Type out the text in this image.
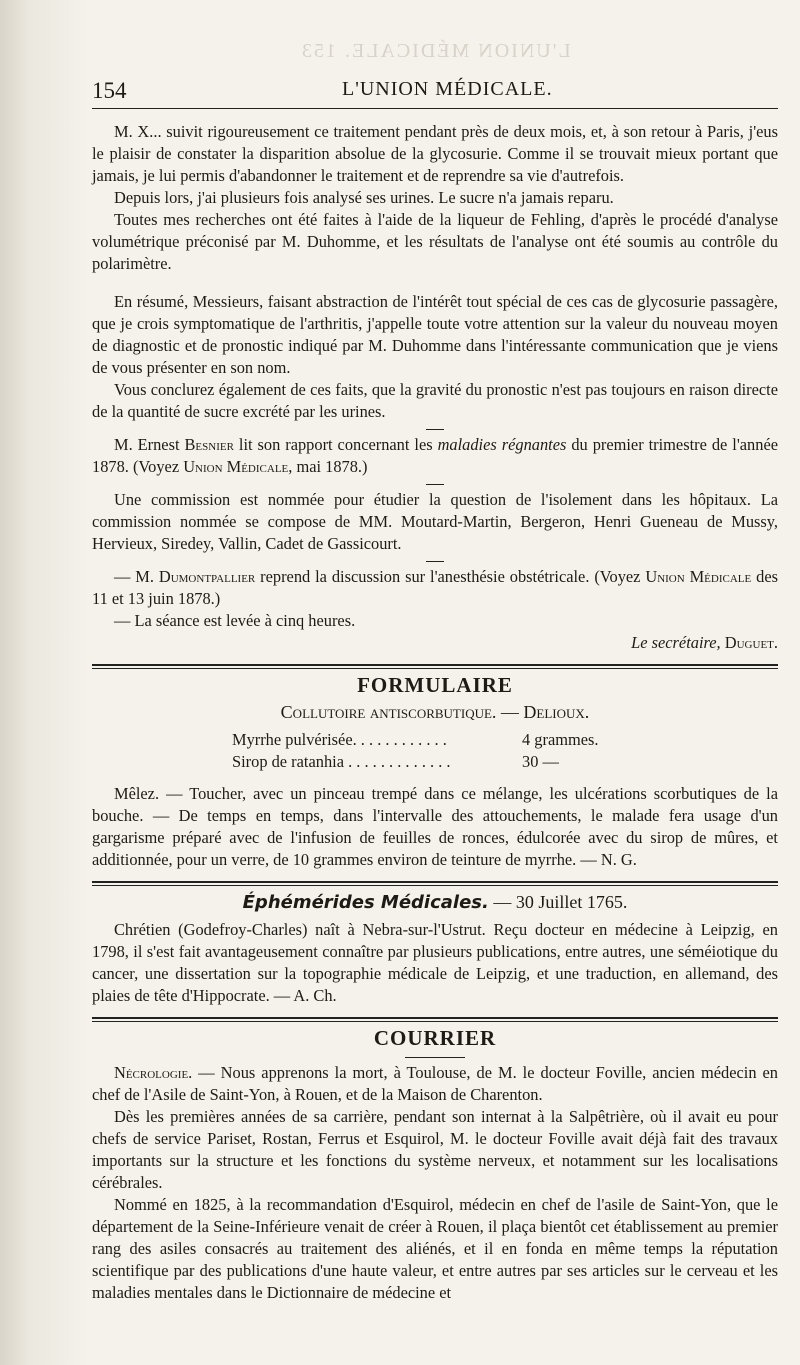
L'UNION MÉDICALE. 153
154	L'UNION MÉDICALE.

M. X... suivit rigoureusement ce traitement pendant près de deux mois, et, à son retour à Paris, j'eus le plaisir de constater la disparition absolue de la glycosurie. Comme il se trouvait mieux portant que jamais, je lui permis d'abandonner le traitement et de reprendre sa vie d'autrefois.

Depuis lors, j'ai plusieurs fois analysé ses urines. Le sucre n'a jamais reparu.

Toutes mes recherches ont été faites à l'aide de la liqueur de Fehling, d'après le procédé d'analyse volumétrique préconisé par M. Duhomme, et les résultats de l'analyse ont été soumis au contrôle du polarimètre.

En résumé, Messieurs, faisant abstraction de l'intérêt tout spécial de ces cas de glycosurie passagère, que je crois symptomatique de l'arthritis, j'appelle toute votre attention sur la valeur du nouveau moyen de diagnostic et de pronostic indiqué par M. Duhomme dans l'intéressante communication que je viens de vous présenter en son nom.

Vous conclurez également de ces faits, que la gravité du pronostic n'est pas toujours en raison directe de la quantité de sucre excrété par les urines.

M. Ernest Besnier lit son rapport concernant les maladies régnantes du premier trimestre de l'année 1878. (Voyez Union Médicale, mai 1878.)

Une commission est nommée pour étudier la question de l'isolement dans les hôpitaux. La commission nommée se compose de MM. Moutard-Martin, Bergeron, Henri Gueneau de Mussy, Hervieux, Siredey, Vallin, Cadet de Gassicourt.

— M. Dumontpallier reprend la discussion sur l'anesthésie obstétricale. (Voyez Union Médicale des 11 et 13 juin 1878.)

— La séance est levée à cinq heures.

Le secrétaire, Duguet.

FORMULAIRE
Collutoire antiscorbutique. — Delioux.
Myrrhe pulvérisée. . . . . . . . . . . .	4 grammes.
Sirop de ratanhia . . . . . . . . . . . . .	30 —

Mêlez. — Toucher, avec un pinceau trempé dans ce mélange, les ulcérations scorbutiques de la bouche. — De temps en temps, dans l'intervalle des attouchements, le malade fera usage d'un gargarisme préparé avec de l'infusion de feuilles de ronces, édulcorée avec du sirop de mûres, et additionnée, pour un verre, de 10 grammes environ de teinture de myrrhe. — N. G.

Éphémérides Médicales. — 30 Juillet 1765.

Chrétien (Godefroy-Charles) naît à Nebra-sur-l'Ustrut. Reçu docteur en médecine à Leipzig, en 1798, il s'est fait avantageusement connaître par plusieurs publications, entre autres, une séméiotique du cancer, une dissertation sur la topographie médicale de Leipzig, et une traduction, en allemand, des plaies de tête d'Hippocrate. — A. Ch.

COURRIER

Nécrologie. — Nous apprenons la mort, à Toulouse, de M. le docteur Foville, ancien médecin en chef de l'Asile de Saint-Yon, à Rouen, et de la Maison de Charenton.

Dès les premières années de sa carrière, pendant son internat à la Salpêtrière, où il avait eu pour chefs de service Pariset, Rostan, Ferrus et Esquirol, M. le docteur Foville avait déjà fait des travaux importants sur la structure et les fonctions du système nerveux, et notamment sur les localisations cérébrales.

Nommé en 1825, à la recommandation d'Esquirol, médecin en chef de l'asile de Saint-Yon, que le département de la Seine-Inférieure venait de créer à Rouen, il plaça bientôt cet établissement au premier rang des asiles consacrés au traitement des aliénés, et il en fonda en même temps la réputation scientifique par des publications d'une haute valeur, et entre autres par ses articles sur le cerveau et les maladies mentales dans le Dictionnaire de médecine et
